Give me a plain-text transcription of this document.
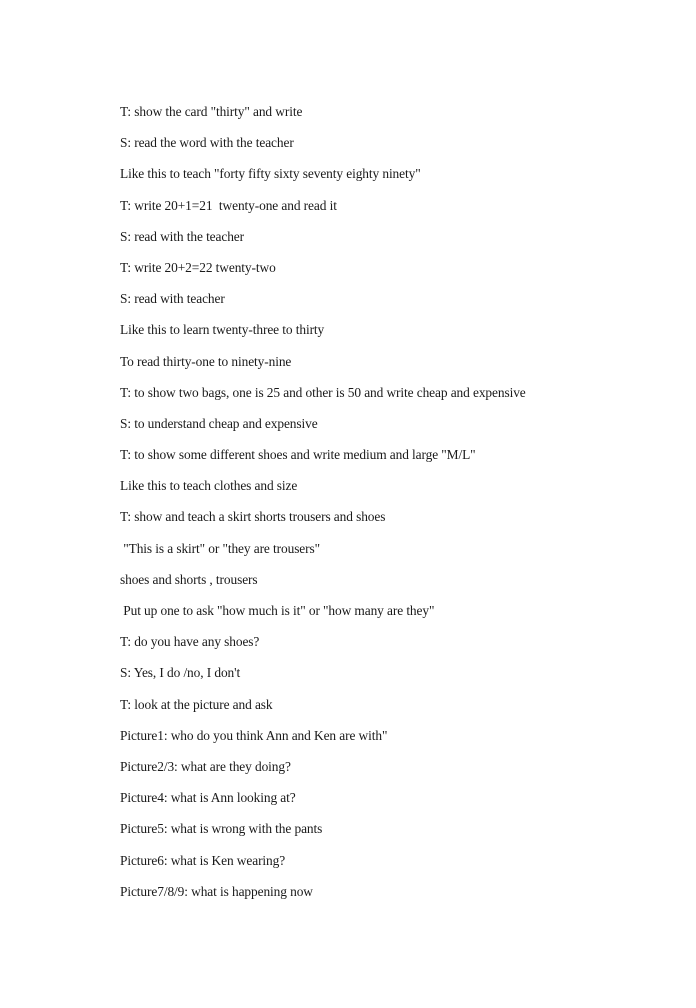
T: show the card "thirty" and write
S: read the word with the teacher
Like this to teach "forty fifty sixty seventy eighty ninety"
T: write 20+1=21  twenty-one and read it
S: read with the teacher
T: write 20+2=22 twenty-two
S: read with teacher
Like this to learn twenty-three to thirty
To read thirty-one to ninety-nine
T: to show two bags, one is 25 and other is 50 and write cheap and expensive
S: to understand cheap and expensive
T: to show some different shoes and write medium and large "M/L"
Like this to teach clothes and size
T: show and teach a skirt shorts trousers and shoes
"This is a skirt" or "they are trousers"
shoes and shorts , trousers
Put up one to ask "how much is it" or "how many are they"
T: do you have any shoes?
S: Yes, I do /no, I don't
T: look at the picture and ask
Picture1: who do you think Ann and Ken are with"
Picture2/3: what are they doing?
Picture4: what is Ann looking at?
Picture5: what is wrong with the pants
Picture6: what is Ken wearing?
Picture7/8/9: what is happening now
